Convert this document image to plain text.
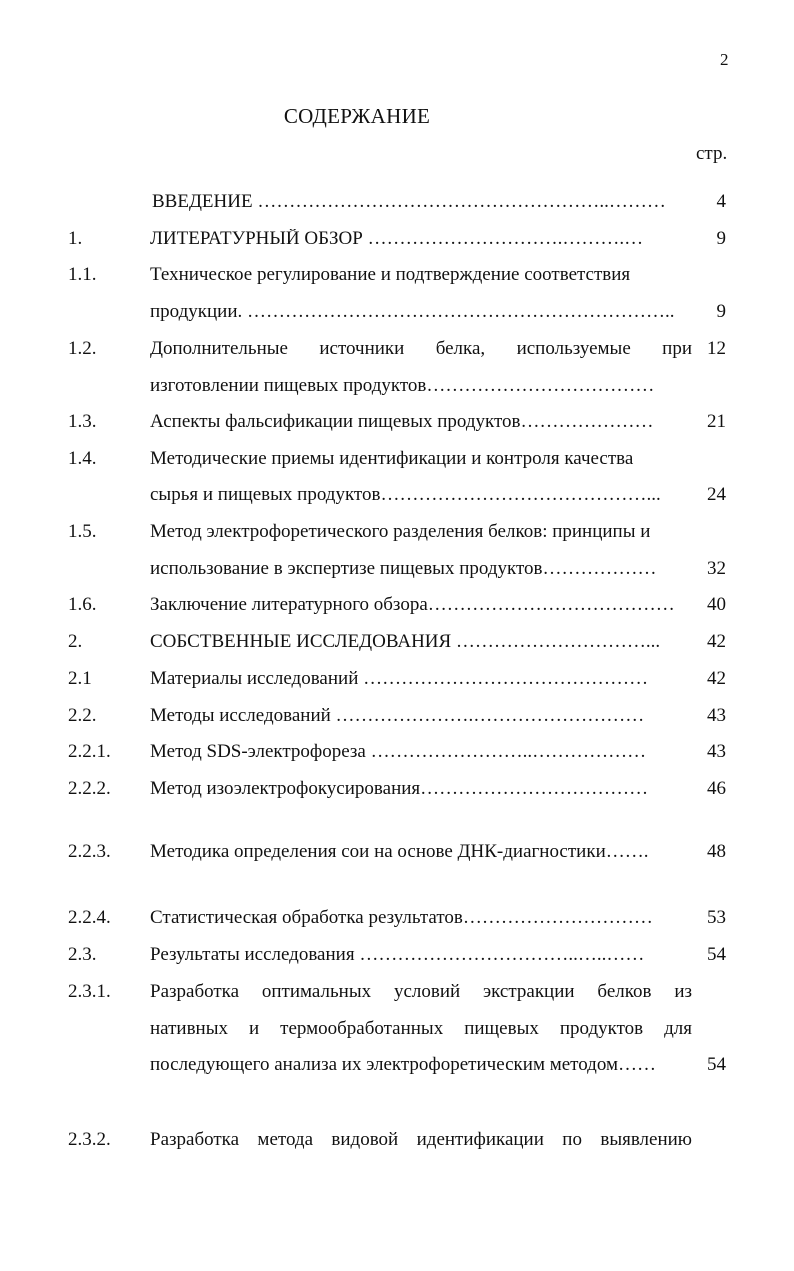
2
СОДЕРЖАНИЕ
стр.
ВВЕДЕНИЕ ………………………………………………..………	4
1.	ЛИТЕРАТУРНЫЙ ОБЗОР ………………………….……….…	9
1.1.	Техническое регулирование и подтверждение соответствия
продукции. …………………………………………………………..	9
1.2.	Дополнительные источники белка, используемые при 12
изготовлении пищевых продуктов………………………………
1.3.	Аспекты фальсификации пищевых продуктов…………………	21
1.4.	Методические приемы идентификации и контроля качества
сырья и пищевых продуктов……………………………………...	24
1.5.	Метод электрофоретического разделения белков: принципы и
использование в экспертизе пищевых продуктов………………	32
1.6.	Заключение литературного обзора…………………………………	40
2.	СОБСТВЕННЫЕ ИССЛЕДОВАНИЯ …………………………...	42
2.1	Материалы исследований ………………………………………	42
2.2.	Методы исследований ………………….………………………	43
2.2.1. Метод SDS-электрофореза ……………………..………………	43
2.2.2. Метод изоэлектрофокусирования………………………………	46
2.2.3. Методика определения сои на основе ДНК-диагностики…….	48
2.2.4. Статистическая обработка результатов…………………………	53
2.3.	Результаты исследования ……………………………..…..……	54
2.3.1. Разработка оптимальных условий экстракции белков из
нативных и термообработанных пищевых продуктов для
последующего анализа их электрофоретическим методом……	54
2.3.2. Разработка метода видовой идентификации по выявлению
